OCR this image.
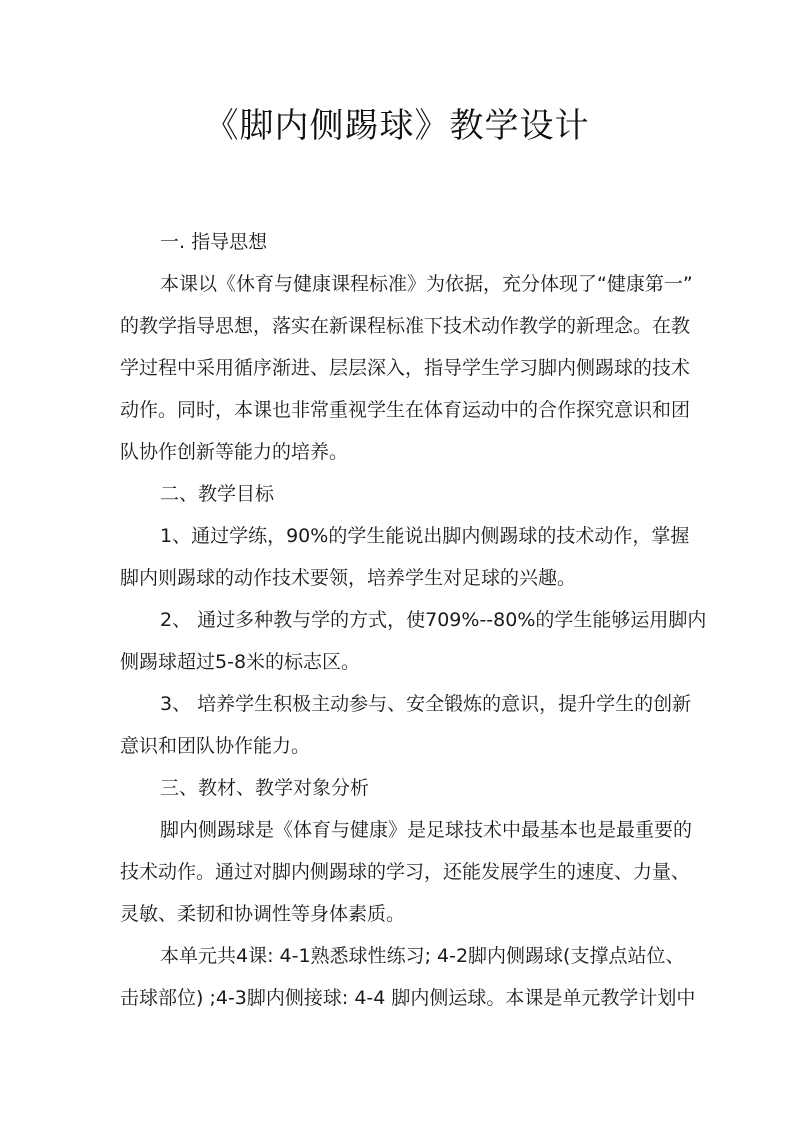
《脚内侧踢球》教学设计
一. 指导思想
本课以《休育与健康课程标准》为依据，充分体现了“健康第一”
的教学指导思想，落实在新课程标准下技术动作教学的新理念。在教
学过程中采用循序渐进、层层深入，指导学生学习脚内侧踢球的技术
动作。同时，本课也非常重视学生在体育运动中的合作探究意识和团
队协作创新等能力的培养。
二、教学目标
1、通过学练，90%的学生能说出脚内侧踢球的技术动作，掌握
脚内则踢球的动作技术要领，培养学生对足球的兴趣。
2、 通过多种教与学的方式，使709%--80%的学生能够运用脚内
侧踢球超过5-8米的标志区。
3、 培养学生积极主动参与、安全锻炼的意识，提升学生的创新
意识和团队协作能力。
三、教材、教学对象分析
脚内侧踢球是《体育与健康》是足球技术中最基本也是最重要的
技术动作。通过对脚内侧踢球的学习，还能发展学生的速度、力量、
灵敏、柔韧和协调性等身体素质。
本单元共4课: 4-1熟悉球性练习; 4-2脚内侧踢球(支撑点站位、
击球部位) ;4-3脚内侧接球: 4-4 脚内侧运球。本课是单元教学计划中
